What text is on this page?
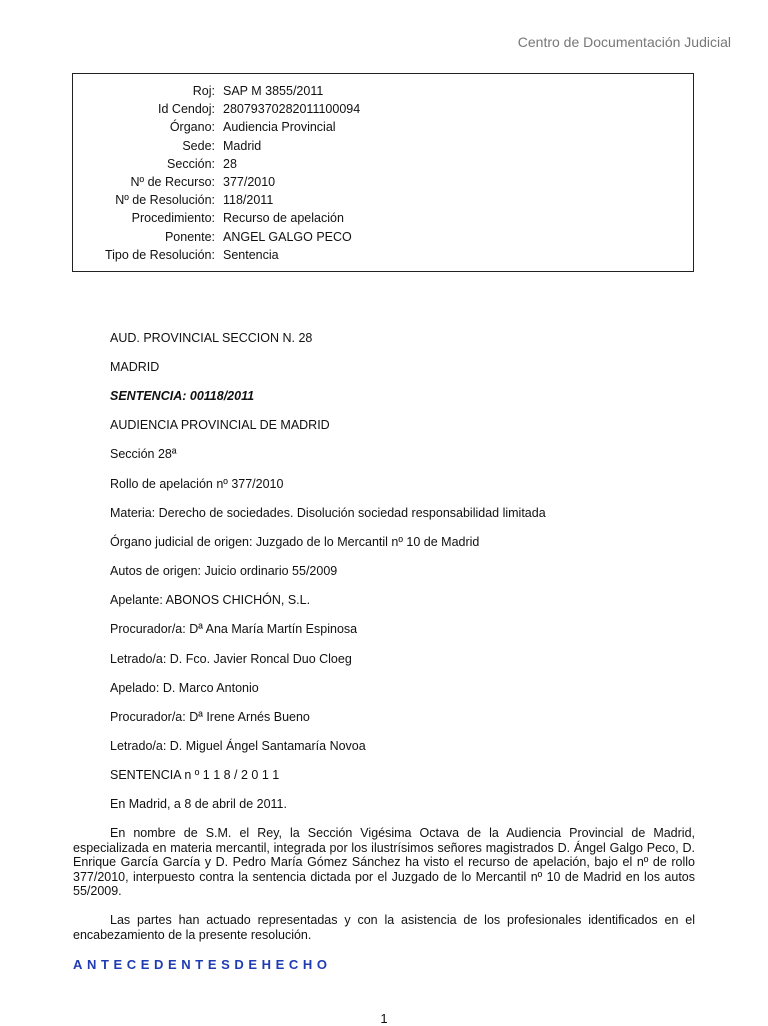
Centro de Documentación Judicial
Roj: SAP M 3855/2011
Id Cendoj: 28079370282011100094
Órgano: Audiencia Provincial
Sede: Madrid
Sección: 28
Nº de Recurso: 377/2010
Nº de Resolución: 118/2011
Procedimiento: Recurso de apelación
Ponente: ANGEL GALGO PECO
Tipo de Resolución: Sentencia
AUD. PROVINCIAL SECCION N. 28
MADRID
SENTENCIA: 00118/2011
AUDIENCIA PROVINCIAL DE MADRID
Sección 28ª
Rollo de apelación nº 377/2010
Materia: Derecho de sociedades. Disolución sociedad responsabilidad limitada
Órgano judicial de origen: Juzgado de lo Mercantil nº 10 de Madrid
Autos de origen: Juicio ordinario 55/2009
Apelante: ABONOS CHICHÓN, S.L.
Procurador/a: Dª Ana María Martín Espinosa
Letrado/a: D. Fco. Javier Roncal Duo Cloeg
Apelado: D. Marco Antonio
Procurador/a: Dª Irene Arnés Bueno
Letrado/a: D. Miguel Ángel Santamaría Novoa
SENTENCIA n º 1 1 8 / 2 0 1 1
En Madrid, a 8 de abril de 2011.
En nombre de S.M. el Rey, la Sección Vigésima Octava de la Audiencia Provincial de Madrid, especializada en materia mercantil, integrada por los ilustrísimos señores magistrados D. Ángel Galgo Peco, D. Enrique García García y D. Pedro María Gómez Sánchez ha visto el recurso de apelación, bajo el nº de rollo 377/2010, interpuesto contra la sentencia dictada por el Juzgado de lo Mercantil nº 10 de Madrid en los autos 55/2009.
Las partes han actuado representadas y con la asistencia de los profesionales identificados en el encabezamiento de la presente resolución.
ANTECEDENTESDEHECHO
1
